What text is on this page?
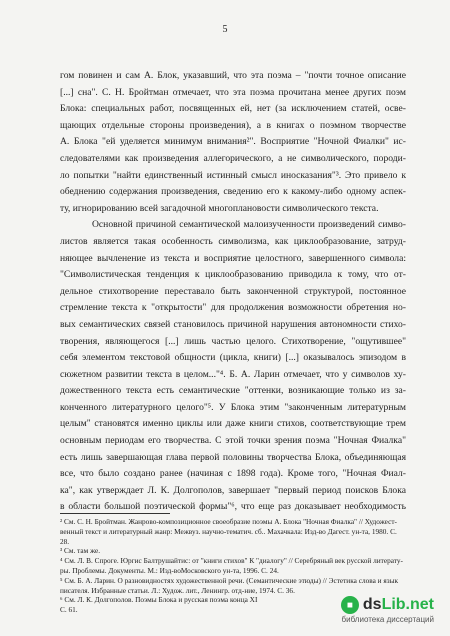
5
гом повинен и сам А. Блок, указавший, что эта поэма – "почти точное описание
[...] сна". С. Н. Бройтман отмечает, что эта поэма прочитана менее других поэм
Блока: специальных работ, посвященных ей, нет (за исключением статей, осве-
щающих отдельные стороны произведения), а в книгах о поэмном творчестве
А. Блока "ей уделяется минимум внимания²". Восприятие "Ночной Фиалки" ис-
следователями как произведения аллегорического, а не символического, породи-
ло попытки "найти единственный истинный смысл иносказания"³. Это привело к
обеднению содержания произведения, сведению его к какому-либо одному аспек-
ту, игнорированию всей загадочной многоплановости символического текста.
Основной причиной семантической малоизученности произведений симво-
листов является такая особенность символизма, как циклообразование, затруд-
няющее вычленение из текста и восприятие целостного, завершенного символа:
"Символистическая тенденция к циклообразованию приводила к тому, что от-
дельное стихотворение переставало быть законченной структурой, постоянное
стремление текста к "открытости" для продолжения возможности обретения но-
вых семантических связей становилось причиной нарушения автономности стихо-
творения, являющегося [...] лишь частью целого. Стихотворение, "ощутившее"
себя элементом текстовой общности (цикла, книги) [...] оказывалось эпизодом в
сюжетном развитии текста в целом..."⁴. Б. А. Ларин отмечает, что у символов ху-
дожественного текста есть семантические "оттенки, возникающие только из за-
конченного литературного целого"⁵. У Блока этим "законченным литературным
целым" становятся именно циклы или даже книги стихов, соответствующие трем
основным периодам его творчества. С этой точки зрения поэма "Ночная Фиалка"
есть лишь завершающая глава первой половины творчества Блока, объединяющая
все, что было создано ранее (начиная с 1898 года). Кроме того, "Ночная Фиал-
ка", как утверждает Л. К. Долгополов, завершает "первый период поисков Блока
в области большой поэтической формы"⁶, что еще раз доказывает необходимость
² См. С. Н. Бройтман. Жанрово-композиционное своеобразие поэмы А. Блока "Ночная Фиалка" // Художест-
венный текст и литературный жанр: Межвуз. научно-тематич. сб.. Махачкала: Изд-во Дагест. ун-та, 1980. С.
28.
³ См. там же.
⁴ См. Л. В. Спроге. Юргис Балтрушайтис: от "книги стихов" К "диалогу" // Серебряный век русской литерату-
ры. Проблемы. Документы. М.: Изд-воМосковского ун-та, 1996. С. 24.
⁵ См. Б. А. Ларин. О разновидностях художественной речи. (Семантические этюды) // Эстетика слова и язык
писателя. Избранные статьи. Л.: Худож. лит., Ленингр. отд-ние, 1974. С. 36.
⁶ См. Л. К. Долгополов. Поэмы Блока и русская поэма конца XI
С. 61.	■ dsLib.net
библиотека диссертаций
